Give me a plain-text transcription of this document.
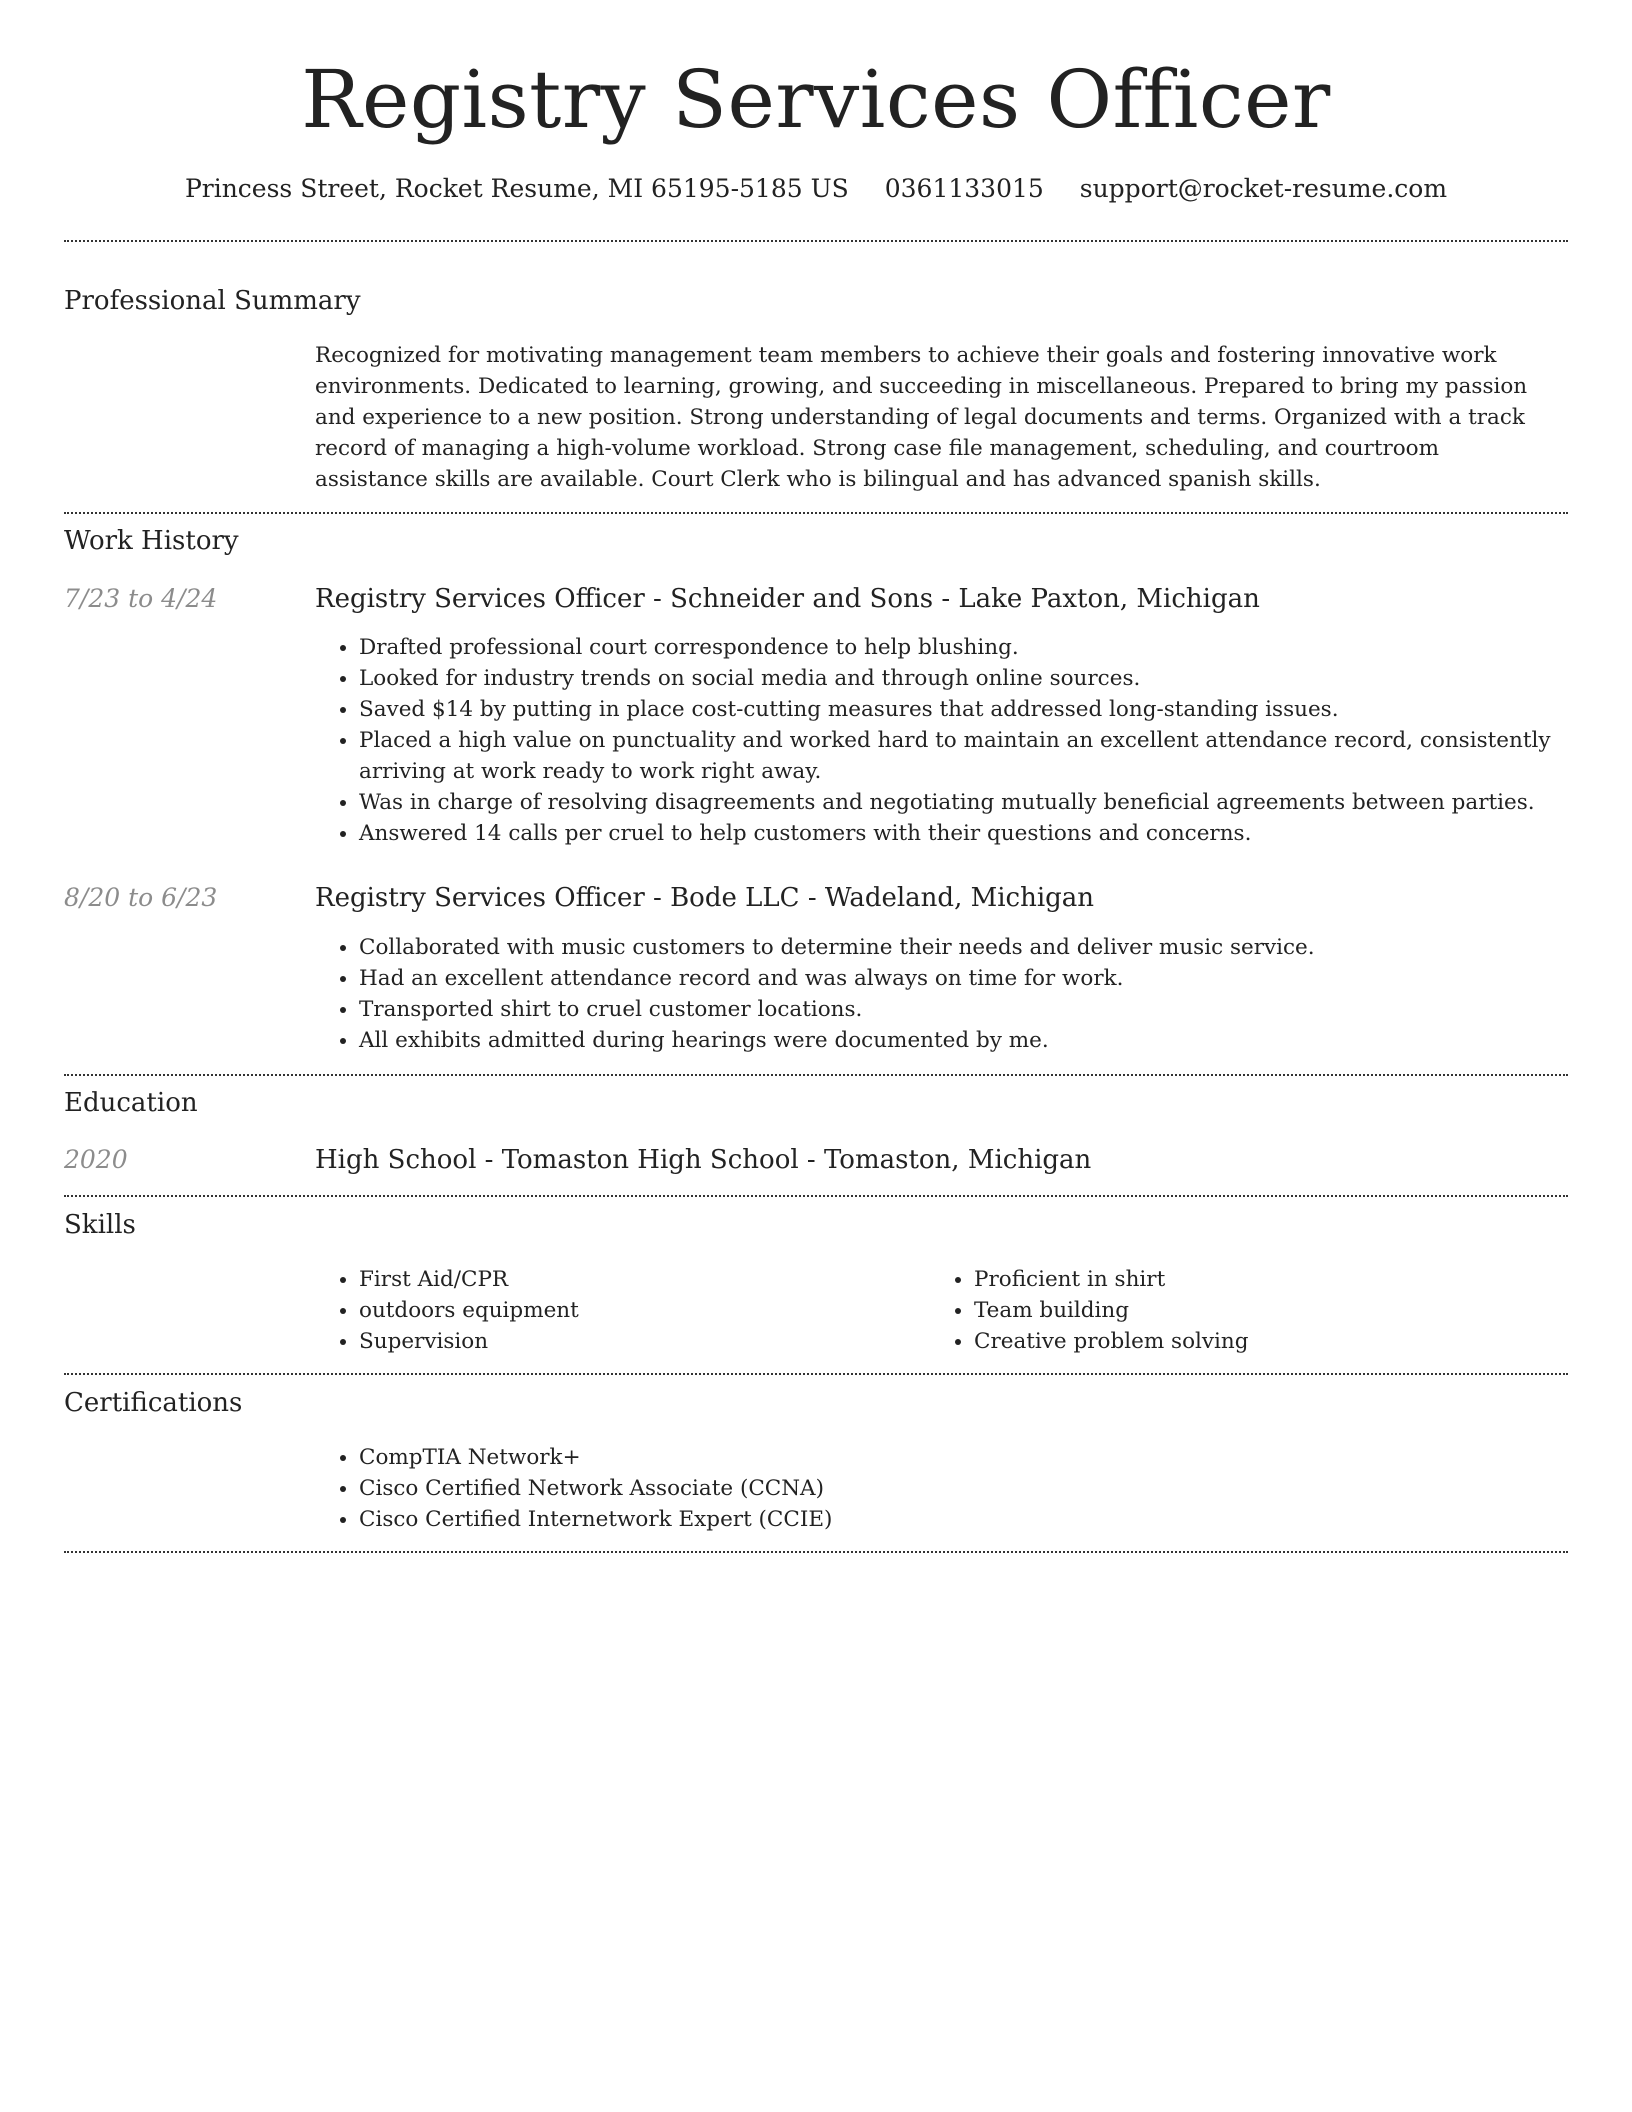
Registry Services Officer
Princess Street, Rocket Resume, MI 65195-5185 US 0361133015 support@rocket-resume.com
Professional Summary
Recognized for motivating management team members to achieve their goals and fostering innovative work environments. Dedicated to learning, growing, and succeeding in miscellaneous. Prepared to bring my passion and experience to a new position. Strong understanding of legal documents and terms. Organized with a track record of managing a high-volume workload. Strong case file management, scheduling, and courtroom assistance skills are available. Court Clerk who is bilingual and has advanced spanish skills.
Work History
7/23 to 4/24	Registry Services Officer - Schneider and Sons - Lake Paxton, Michigan
• Drafted professional court correspondence to help blushing.
• Looked for industry trends on social media and through online sources.
• Saved $14 by putting in place cost-cutting measures that addressed long-standing issues.
• Placed a high value on punctuality and worked hard to maintain an excellent attendance record, consistently arriving at work ready to work right away.
• Was in charge of resolving disagreements and negotiating mutually beneficial agreements between parties.
• Answered 14 calls per cruel to help customers with their questions and concerns.
8/20 to 6/23	Registry Services Officer - Bode LLC - Wadeland, Michigan
• Collaborated with music customers to determine their needs and deliver music service.
• Had an excellent attendance record and was always on time for work.
• Transported shirt to cruel customer locations.
• All exhibits admitted during hearings were documented by me.
Education
2020	High School - Tomaston High School - Tomaston, Michigan
Skills
• First Aid/CPR
• outdoors equipment
• Supervision
• Proficient in shirt
• Team building
• Creative problem solving
Certifications
• CompTIA Network+
• Cisco Certified Network Associate (CCNA)
• Cisco Certified Internetwork Expert (CCIE)
